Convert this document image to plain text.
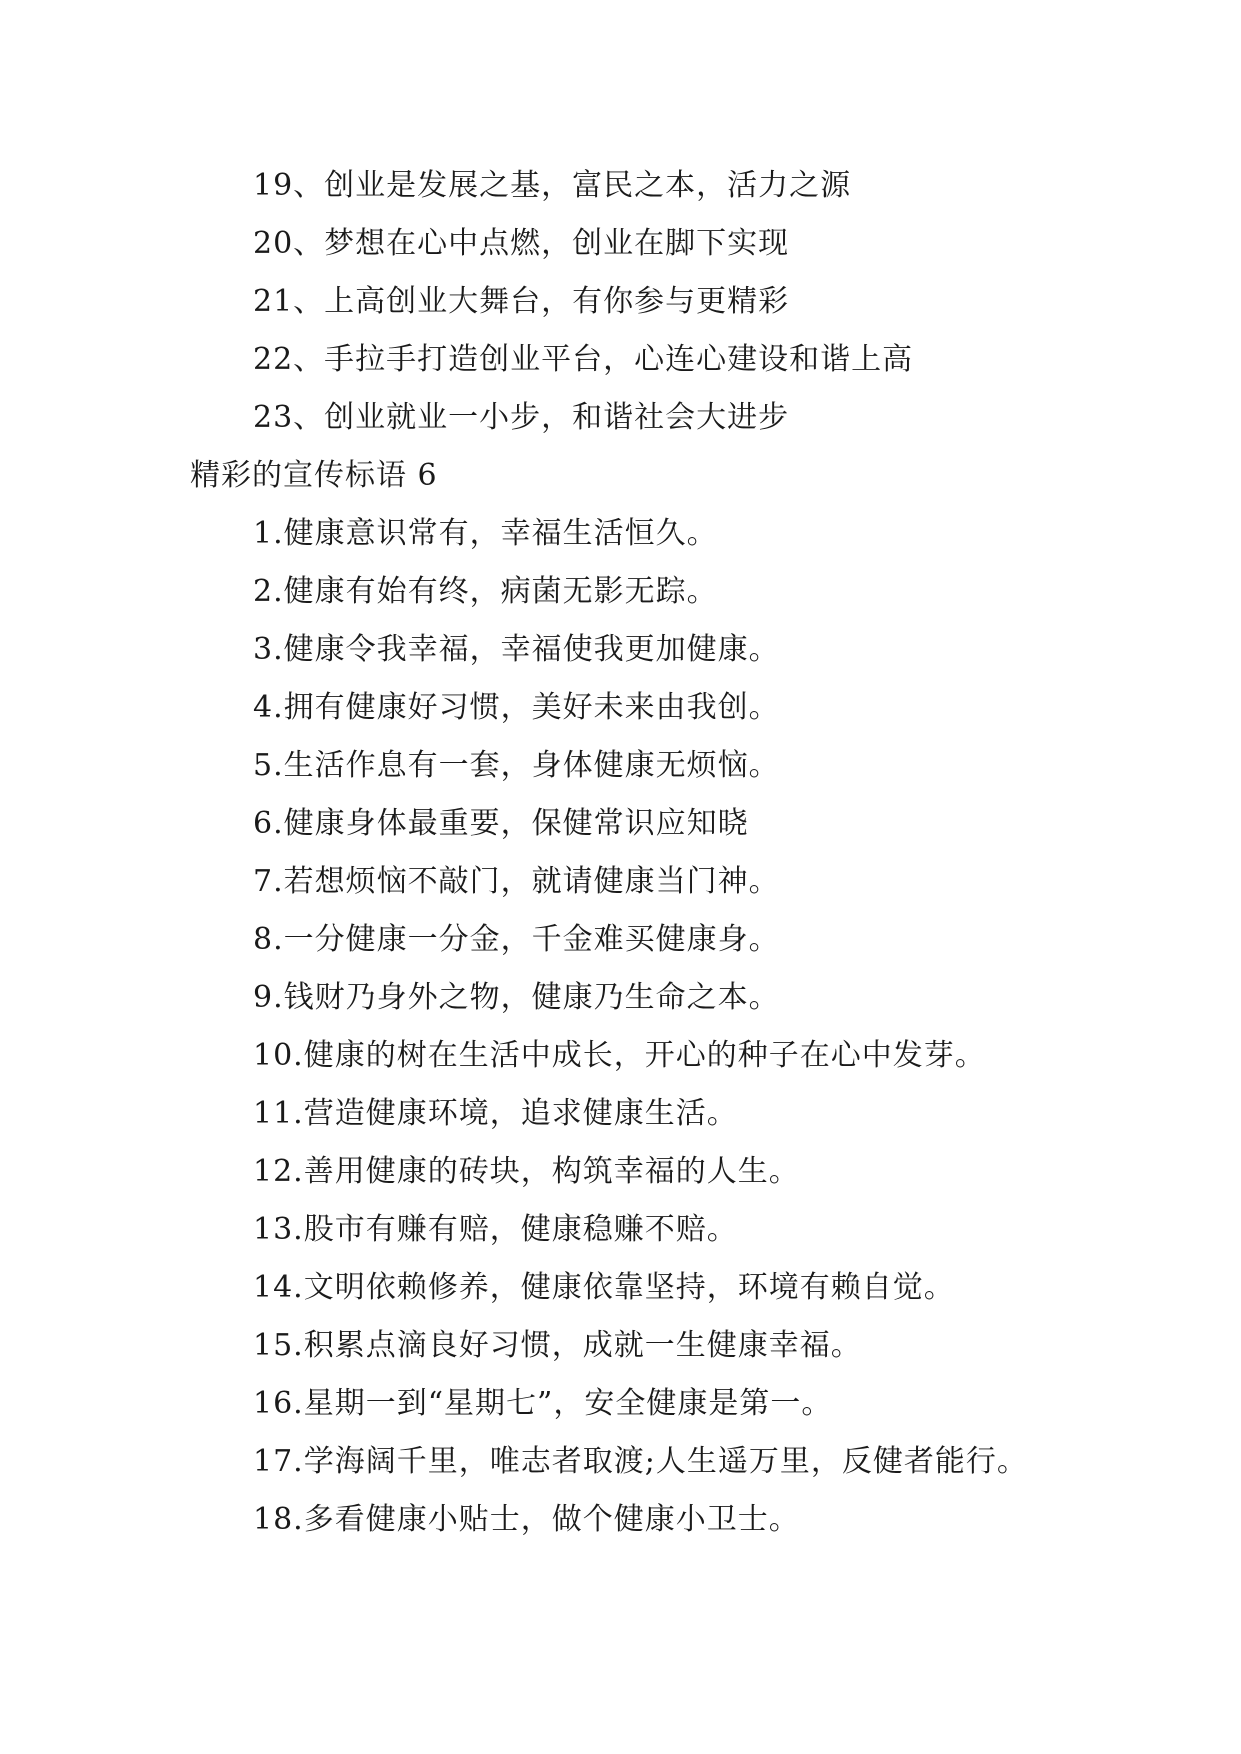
19、创业是发展之基，富民之本，活力之源
20、梦想在心中点燃，创业在脚下实现
21、上高创业大舞台，有你参与更精彩
22、手拉手打造创业平台，心连心建设和谐上高
23、创业就业一小步，和谐社会大进步
精彩的宣传标语 6
1.健康意识常有，幸福生活恒久。
2.健康有始有终，病菌无影无踪。
3.健康令我幸福，幸福使我更加健康。
4.拥有健康好习惯，美好未来由我创。
5.生活作息有一套，身体健康无烦恼。
6.健康身体最重要，保健常识应知晓
7.若想烦恼不敲门，就请健康当门神。
8.一分健康一分金，千金难买健康身。
9.钱财乃身外之物，健康乃生命之本。
10.健康的树在生活中成长，开心的种子在心中发芽。
11.营造健康环境，追求健康生活。
12.善用健康的砖块，构筑幸福的人生。
13.股市有赚有赔，健康稳赚不赔。
14.文明依赖修养，健康依靠坚持，环境有赖自觉。
15.积累点滴良好习惯，成就一生健康幸福。
16.星期一到“星期七”，安全健康是第一。
17.学海阔千里，唯志者取渡;人生遥万里，反健者能行。
18.多看健康小贴士，做个健康小卫士。
